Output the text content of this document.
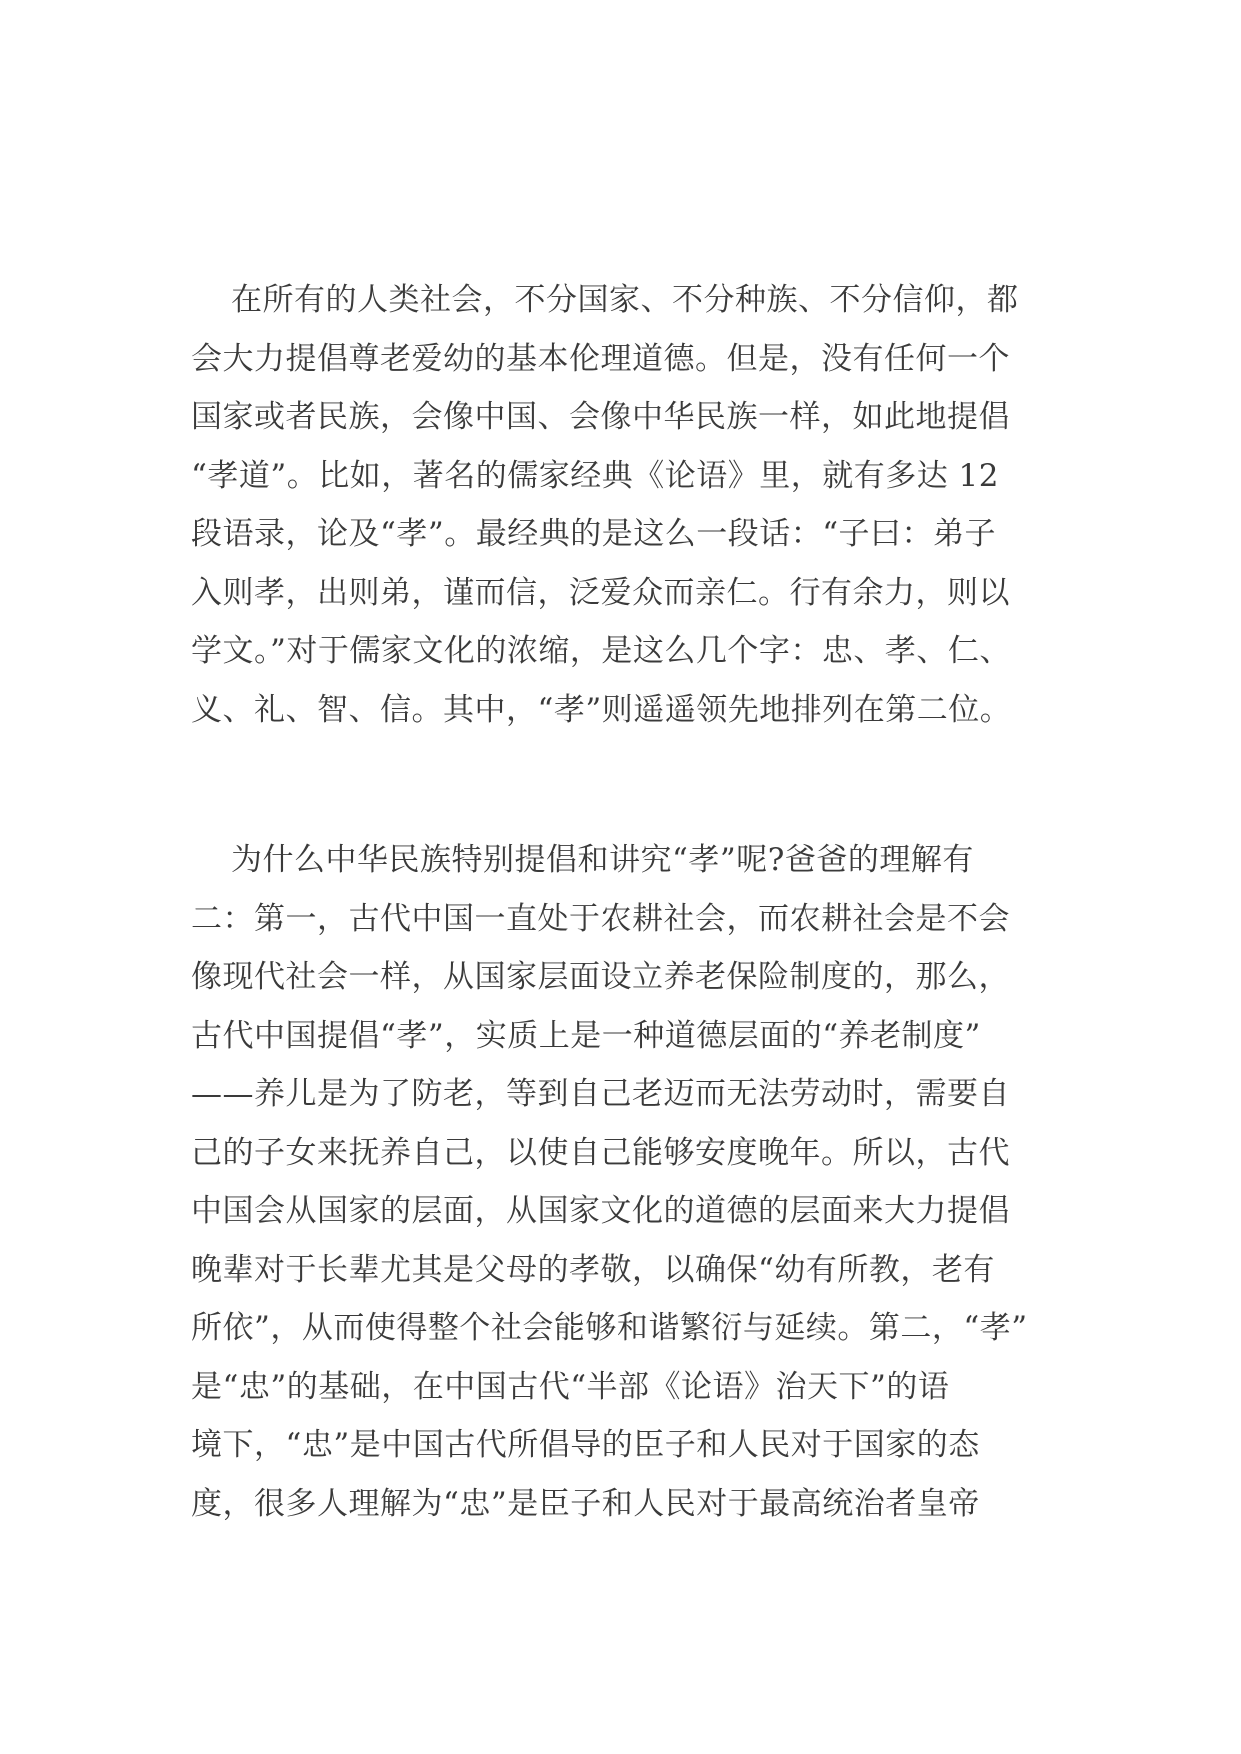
在所有的人类社会，不分国家、不分种族、不分信仰，都
会大力提倡尊老爱幼的基本伦理道德。但是，没有任何一个
国家或者民族，会像中国、会像中华民族一样，如此地提倡
“孝道”。比如，著名的儒家经典《论语》里，就有多达 12
段语录，论及“孝”。最经典的是这么一段话：“子曰：弟子
入则孝，出则弟，谨而信，泛爱众而亲仁。行有余力，则以
学文。”对于儒家文化的浓缩，是这么几个字：忠、孝、仁、
义、礼、智、信。其中，“孝”则遥遥领先地排列在第二位。
为什么中华民族特别提倡和讲究“孝”呢?爸爸的理解有
二：第一，古代中国一直处于农耕社会，而农耕社会是不会
像现代社会一样，从国家层面设立养老保险制度的，那么，
古代中国提倡“孝”，实质上是一种道德层面的“养老制度”
——养儿是为了防老，等到自己老迈而无法劳动时，需要自
己的子女来抚养自己，以使自己能够安度晚年。所以，古代
中国会从国家的层面，从国家文化的道德的层面来大力提倡
晚辈对于长辈尤其是父母的孝敬，以确保“幼有所教，老有
所依”，从而使得整个社会能够和谐繁衍与延续。第二，“孝”
是“忠”的基础，在中国古代“半部《论语》治天下”的语
境下，“忠”是中国古代所倡导的臣子和人民对于国家的态
度，很多人理解为“忠”是臣子和人民对于最高统治者皇帝
